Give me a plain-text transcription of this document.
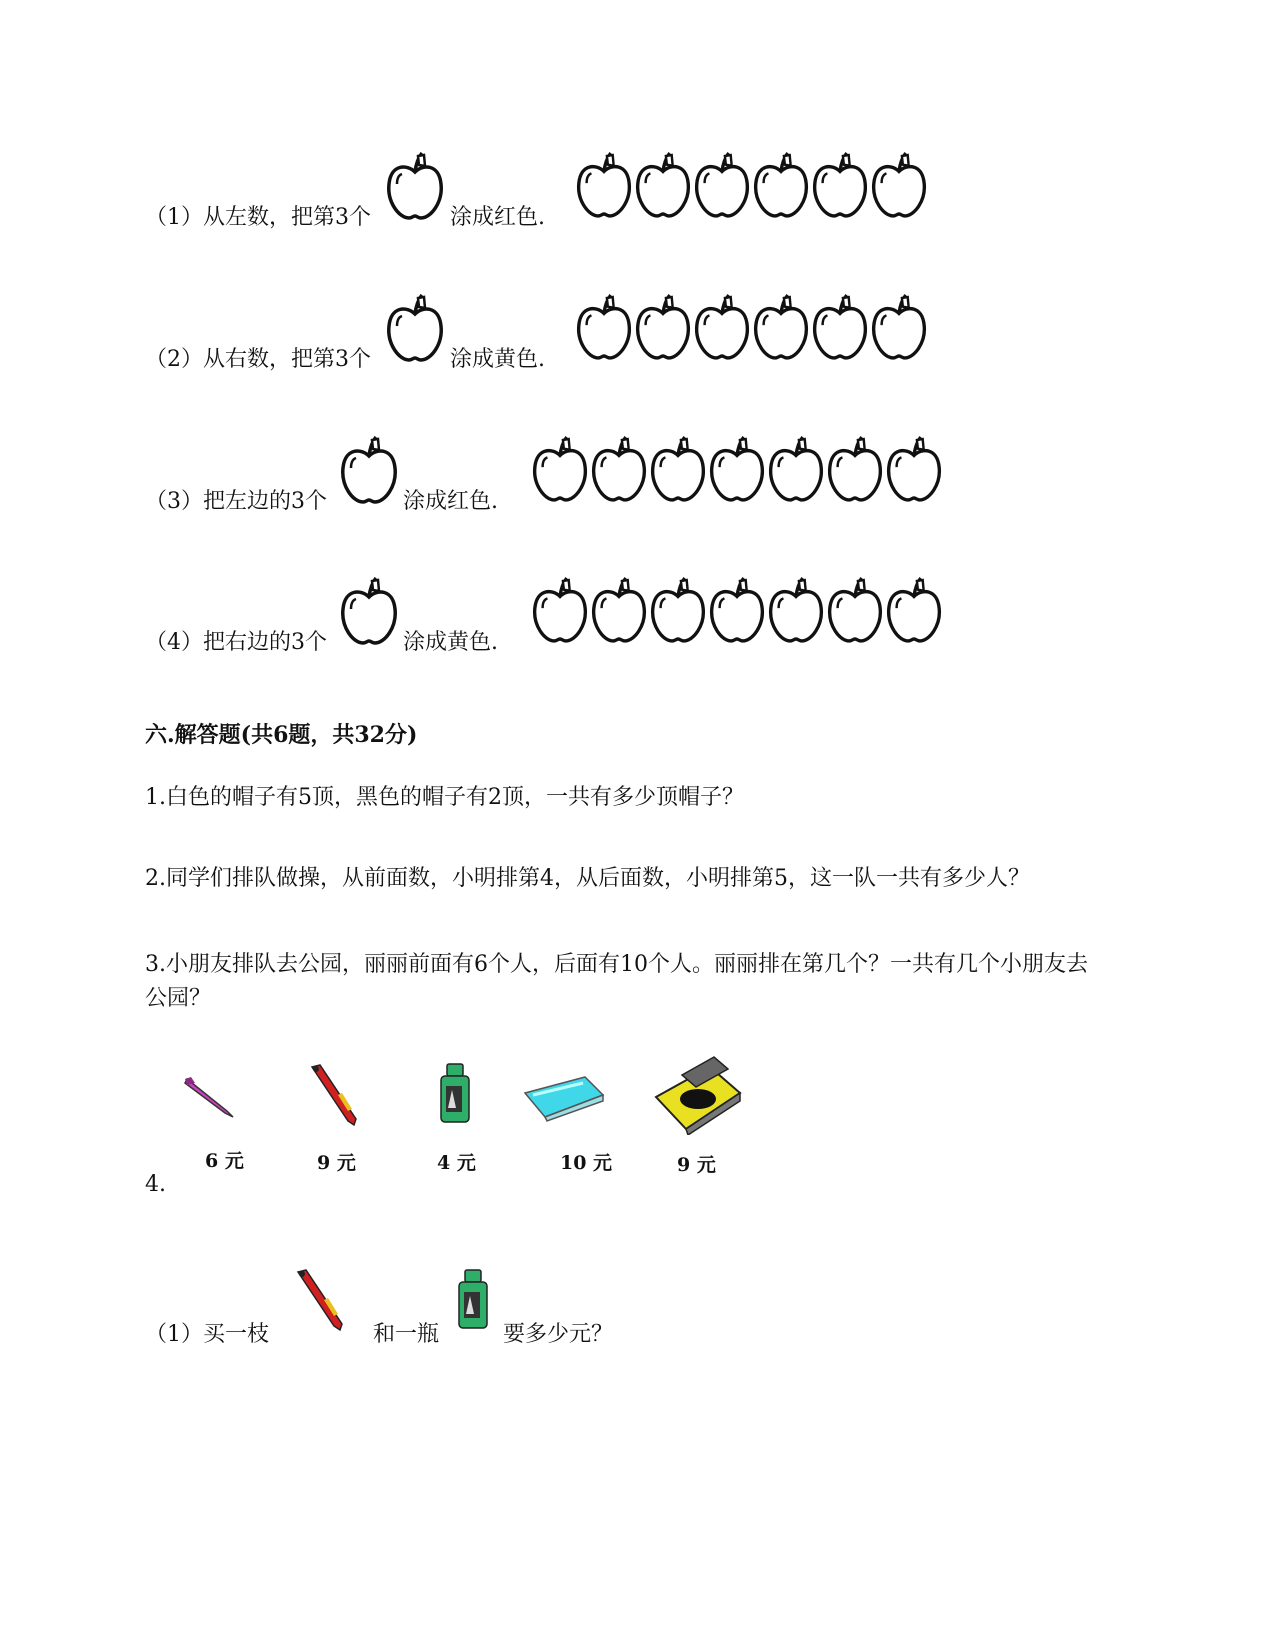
（1）从左数，把第3个	涂成红色.
（2）从右数，把第3个	涂成黄色.
（3）把左边的3个	涂成红色.
（4）把右边的3个	涂成黄色.
六.解答题(共6题，共32分)
1.白色的帽子有5顶，黑色的帽子有2顶，一共有多少顶帽子？
2.同学们排队做操，从前面数，小明排第4，从后面数，小明排第5，这一队一共有多少人？
3.小朋友排队去公园，丽丽前面有6个人，后面有10个人。丽丽排在第几个？一共有几个小朋友去公园？
6 元	9 元	4 元	10 元	9 元
4.
（1）买一枝	和一瓶	要多少元？
